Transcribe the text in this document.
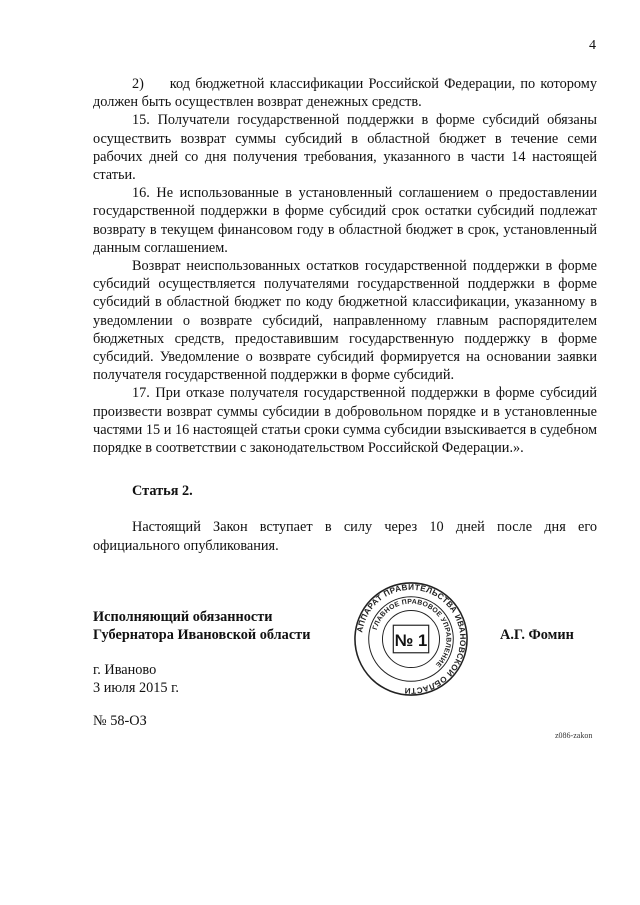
4

2)     код бюджетной классификации Российской Федерации, по которому должен быть осуществлен возврат денежных средств.

15. Получатели государственной поддержки в форме субсидий обязаны осуществить возврат суммы субсидий в областной бюджет в течение семи рабочих дней со дня получения требования, указанного в части 14 настоящей статьи.

16. Не использованные в установленный соглашением о предоставлении государственной поддержки в форме субсидий срок остатки субсидий подлежат возврату в текущем финансовом году в областной бюджет в срок, установленный данным соглашением.

Возврат неиспользованных остатков государственной поддержки в форме субсидий осуществляется получателями государственной поддержки в форме субсидий в областной бюджет по коду бюджетной классификации, указанному в уведомлении о возврате субсидий, направленному главным распорядителем бюджетных средств, предоставившим государственную поддержку в форме субсидий. Уведомление о возврате субсидий формируется на основании заявки получателя государственной поддержки в форме субсидий.

17. При отказе получателя государственной поддержки в форме субсидий произвести возврат суммы субсидии в добровольном порядке и в установленные частями 15 и 16 настоящей статьи сроки сумма субсидии взыскивается в судебном порядке в соответствии с законодательством Российской Федерации.».

Статья 2.

Настоящий Закон вступает в силу через 10 дней после дня его официального опубликования.

Исполняющий обязанности
Губернатора Ивановской области	АППАРАТ ПРАВИТЕЛЬСТВА ИВАНОВСКОЙ ОБЛАСТИ
ГЛАВНОЕ ПРАВОВОЕ УПРАВЛЕНИЕ
№ 1	А.Г. Фомин
г. Иваново
3 июля 2015 г.
№ 58-ОЗ
z086-zakon
